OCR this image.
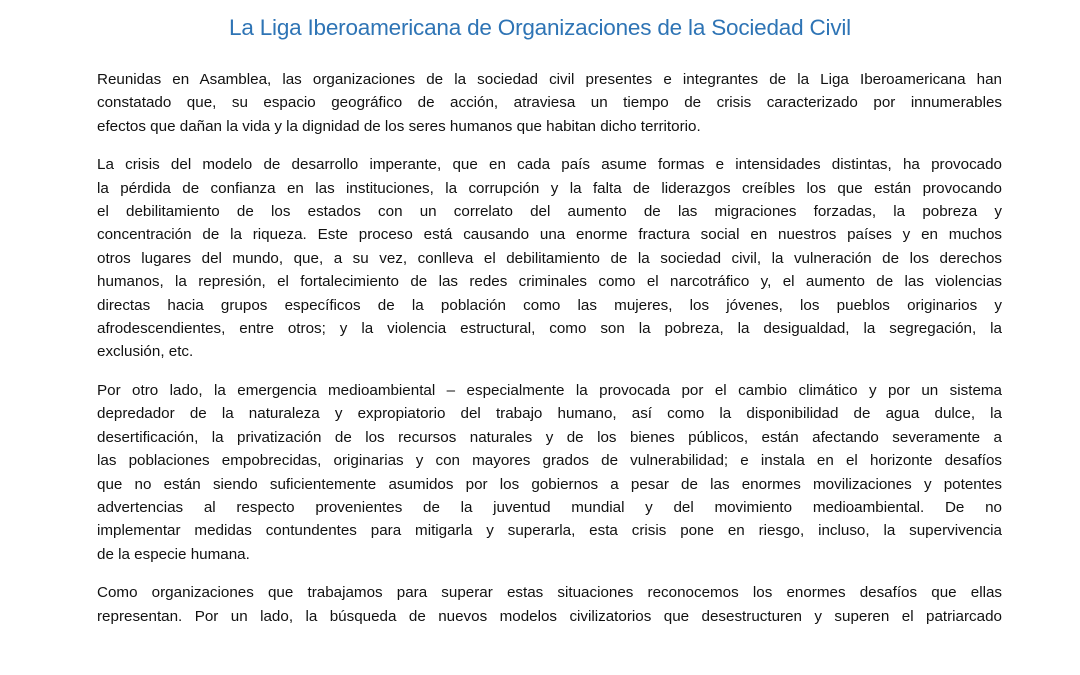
La Liga Iberoamericana de Organizaciones de la Sociedad Civil

Reunidas en Asamblea, las organizaciones de la sociedad civil presentes e integrantes de la Liga Iberoamericana han
constatado que, su espacio geográfico de acción, atraviesa un tiempo de crisis caracterizado por innumerables
efectos que dañan la vida y la dignidad de los seres humanos que habitan dicho territorio.

La crisis del modelo de desarrollo imperante, que en cada país asume formas e intensidades distintas, ha provocado
la pérdida de confianza en las instituciones, la corrupción y la falta de liderazgos creíbles los que están provocando
el debilitamiento de los estados con un correlato del aumento de las migraciones forzadas, la pobreza y
concentración de la riqueza. Este proceso está causando una enorme fractura social en nuestros países y en muchos
otros lugares del mundo, que, a su vez, conlleva el debilitamiento de la sociedad civil, la vulneración de los derechos
humanos, la represión, el fortalecimiento de las redes criminales como el narcotráfico y, el aumento de las violencias
directas hacia grupos específicos de la población como las mujeres, los jóvenes, los pueblos originarios y
afrodescendientes, entre otros; y la violencia estructural, como son la pobreza, la desigualdad, la segregación, la
exclusión, etc.

Por otro lado, la emergencia medioambiental – especialmente la provocada por el cambio climático y por un sistema
depredador de la naturaleza y expropiatorio del trabajo humano, así como la disponibilidad de agua dulce, la
desertificación, la privatización de los recursos naturales y de los bienes públicos, están afectando severamente a
las poblaciones empobrecidas, originarias y con mayores grados de vulnerabilidad; e instala en el horizonte desafíos
que no están siendo suficientemente asumidos por los gobiernos a pesar de las enormes movilizaciones y potentes
advertencias al respecto provenientes de la juventud mundial y del movimiento medioambiental. De no
implementar medidas contundentes para mitigarla y superarla, esta crisis pone en riesgo, incluso, la supervivencia
de la especie humana.

Como organizaciones que trabajamos para superar estas situaciones reconocemos los enormes desafíos que ellas
representan. Por un lado, la búsqueda de nuevos modelos civilizatorios que desestructuren y superen el patriarcado
